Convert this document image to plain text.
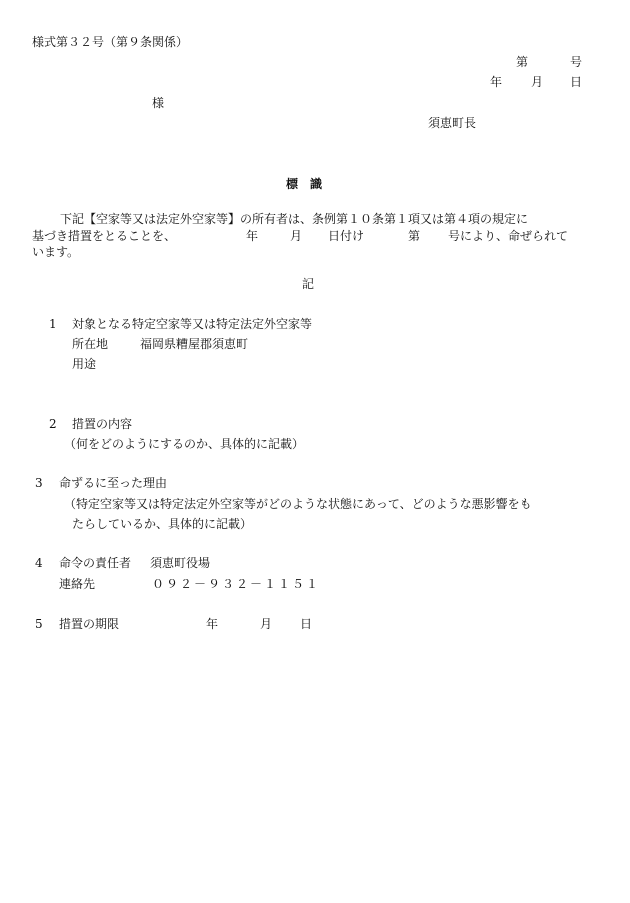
様式第３２号（第９条関係）
第	号
年 月 日
様
須恵町長
標　識
下記【空家等又は法定外空家等】の所有者は、条例第１０条第１項又は第４項の規定に
基づき措置をとることを、	年	月 日付け	第 号により、命ぜられて
います。
記
1 対象となる特定空家等又は特定法定外空家等
所在地	福岡県糟屋郡須恵町
用途
2 措置の内容
（何をどのようにするのか、具体的に記載）
3 命ずるに至った理由
（特定空家等又は特定法定外空家等がどのような状態にあって、どのような悪影響をも
たらしているか、具体的に記載）
4 命令の責任者 須恵町役場
連絡先	０９２－９３２－１１５１
5 措置の期限	年	月 日
